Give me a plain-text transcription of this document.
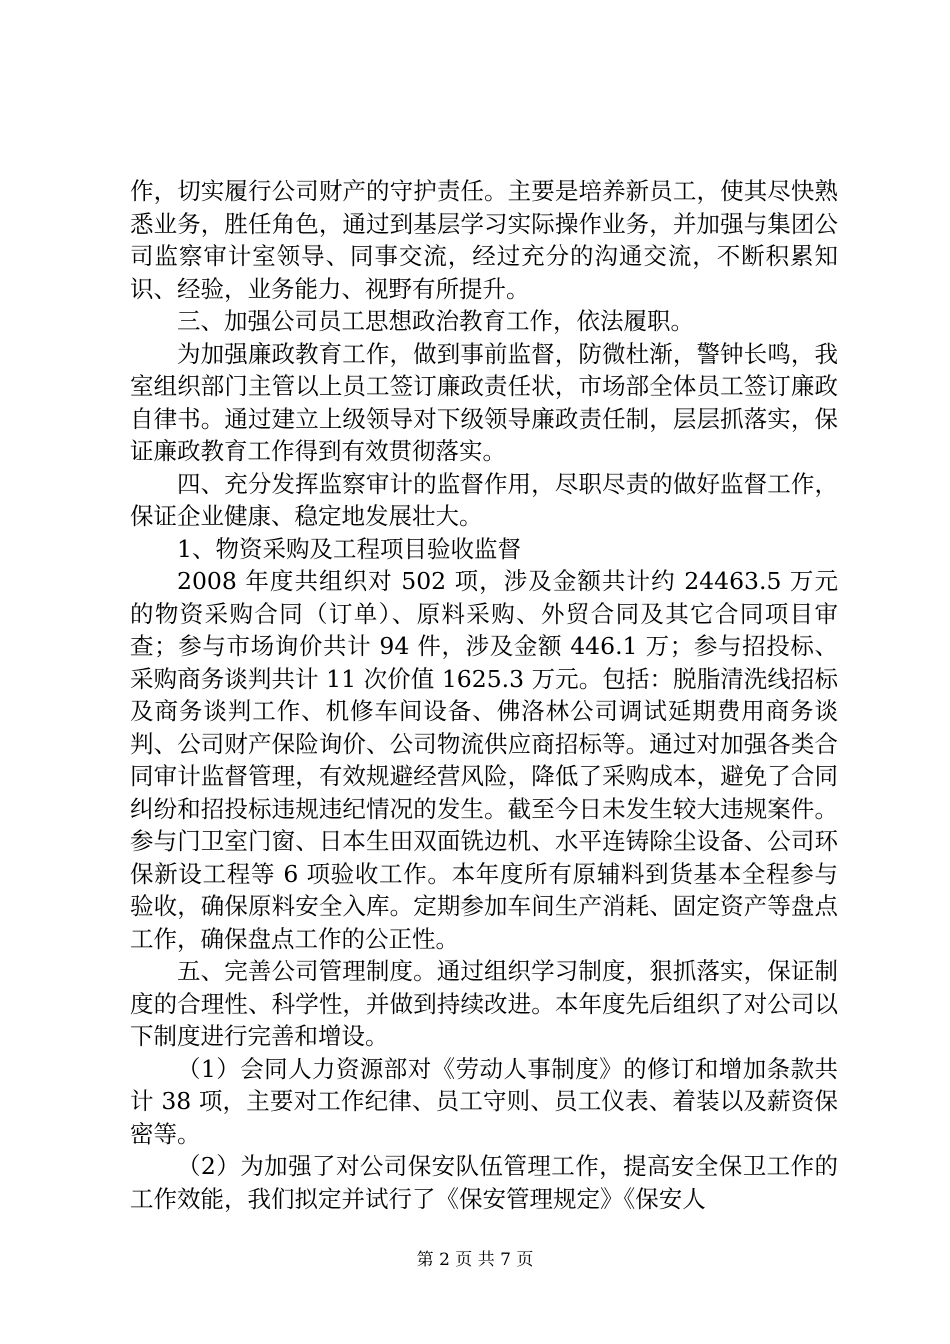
作，切实履行公司财产的守护责任。主要是培养新员工，使其尽快熟悉业务，胜任角色，通过到基层学习实际操作业务，并加强与集团公司监察审计室领导、同事交流，经过充分的沟通交流，不断积累知识、经验，业务能力、视野有所提升。

三、加强公司员工思想政治教育工作，依法履职。

为加强廉政教育工作，做到事前监督，防微杜渐，警钟长鸣，我室组织部门主管以上员工签订廉政责任状，市场部全体员工签订廉政自律书。通过建立上级领导对下级领导廉政责任制，层层抓落实，保证廉政教育工作得到有效贯彻落实。

四、充分发挥监察审计的监督作用，尽职尽责的做好监督工作，保证企业健康、稳定地发展壮大。

1、物资采购及工程项目验收监督

2008 年度共组织对 502 项，涉及金额共计约 24463.5 万元的物资采购合同（订单）、原料采购、外贸合同及其它合同项目审查；参与市场询价共计 94 件，涉及金额 446.1 万；参与招投标、采购商务谈判共计 11 次价值 1625.3 万元。包括：脱脂清洗线招标及商务谈判工作、机修车间设备、佛洛林公司调试延期费用商务谈判、公司财产保险询价、公司物流供应商招标等。通过对加强各类合同审计监督管理，有效规避经营风险，降低了采购成本，避免了合同纠纷和招投标违规违纪情况的发生。截至今日未发生较大违规案件。参与门卫室门窗、日本生田双面铣边机、水平连铸除尘设备、公司环保新设工程等 6 项验收工作。本年度所有原辅料到货基本全程参与验收，确保原料安全入库。定期参加车间生产消耗、固定资产等盘点工作，确保盘点工作的公正性。

五、完善公司管理制度。通过组织学习制度，狠抓落实，保证制度的合理性、科学性，并做到持续改进。本年度先后组织了对公司以下制度进行完善和增设。

（1）会同人力资源部对《劳动人事制度》的修订和增加条款共计 38 项，主要对工作纪律、员工守则、员工仪表、着装以及薪资保密等。

（2）为加强了对公司保安队伍管理工作，提高安全保卫工作的工作效能，我们拟定并试行了《保安管理规定》《保安人

第 2 页 共 7 页
